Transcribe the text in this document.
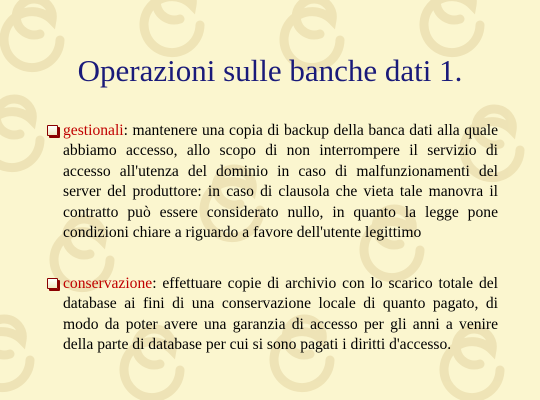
Operazioni sulle banche dati 1.
gestionali: mantenere una copia di backup della banca dati alla quale abbiamo accesso, allo scopo di non interrompere il servizio di accesso all'utenza del dominio in caso di malfunzionamenti del server del produttore: in caso di clausola che vieta tale manovra il contratto può essere considerato nullo, in quanto la legge pone condizioni chiare a riguardo a favore dell'utente legittimo
conservazione: effettuare copie di archivio con lo scarico totale del database ai fini di una conservazione locale di quanto pagato, di modo da poter avere una garanzia di accesso per gli anni a venire della parte di database per cui si sono pagati i diritti d'accesso.
